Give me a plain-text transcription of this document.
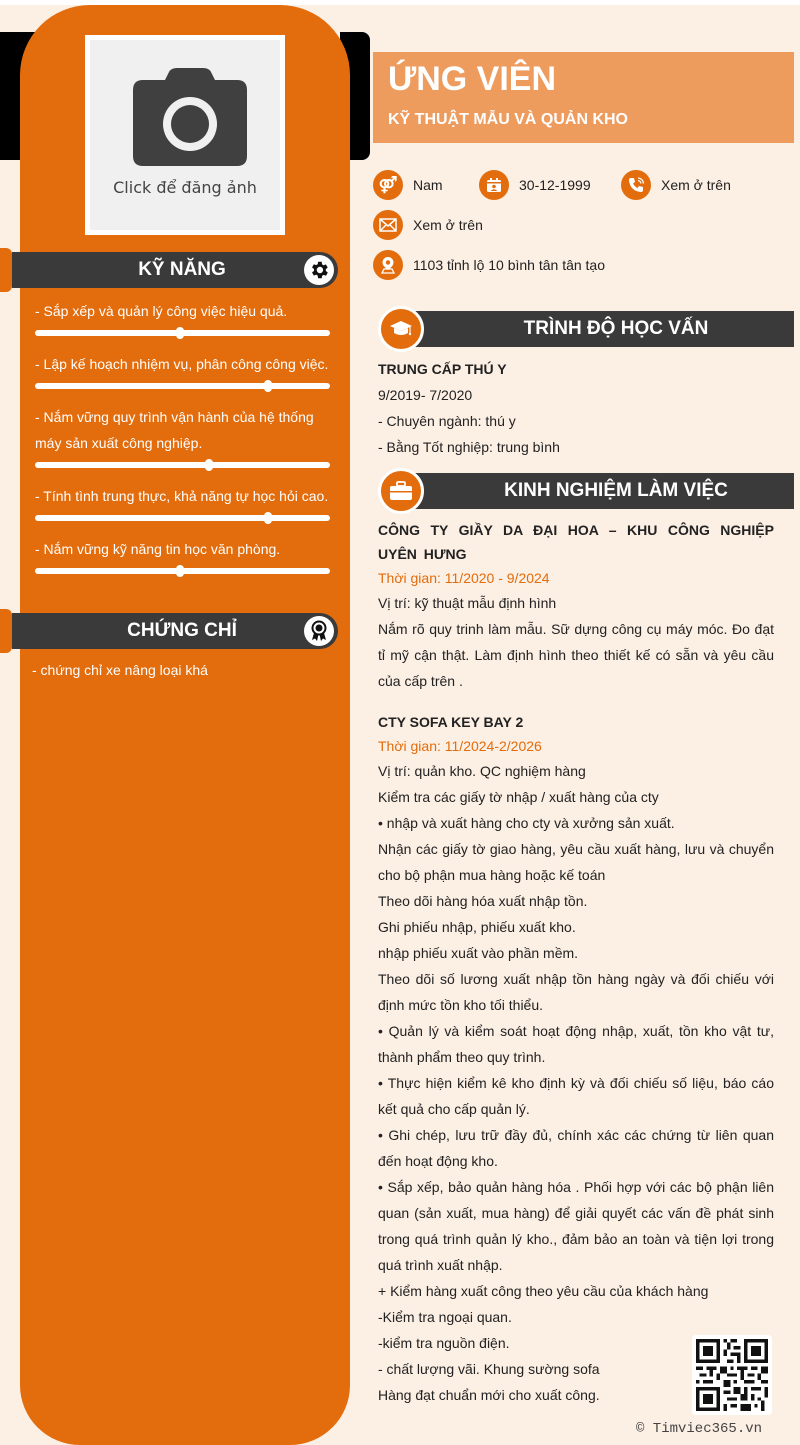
Click để đăng ảnh
KỸ NĂNG
- Sắp xếp và quản lý công việc hiệu quả.
- Lập kế hoạch nhiệm vụ, phân công công việc.
- Nắm vững quy trình vận hành của hệ thống máy sản xuất công nghiệp.
- Tính tình trung thực, khả năng tự học hỏi cao.
- Nắm vững kỹ năng tin học văn phòng.
CHỨNG CHỈ
- chứng chỉ xe nâng loại khá
ỨNG VIÊN
KỸ THUẬT MẪU VÀ QUẢN KHO
⚤ Nam	30-12-1999	Xem ở trên
Xem ở trên
1103 tỉnh lộ 10 bình tân tân tạo
TRÌNH ĐỘ HỌC VẤN
TRUNG CẤP THÚ Y
9/2019- 7/2020
- Chuyên ngành: thú y
- Bằng Tốt nghiệp: trung bình
KINH NGHIỆM LÀM VIỆC
CÔNG TY GIẦY DA ĐẠI HOA – KHU CÔNG NGHIỆP UYÊN HƯNG
Thời gian: 11/2020 - 9/2024
Vị trí: kỹ thuật mẫu định hình
Nắm rõ quy trinh làm mẫu. Sữ dựng công cụ máy móc. Đo đạt tỉ mỹ cận thật. Làm định hình theo thiết kế có sẵn và yêu cầu của cấp trên .
CTY SOFA KEY BAY 2
Thời gian: 11/2024-2/2026
Vị trí: quản kho. QC nghiệm hàng
Kiểm tra các giấy tờ nhập / xuất hàng của cty
• nhập và xuất hàng cho cty và xưởng sản xuất.
Nhận các giấy tờ giao hàng, yêu cầu xuất hàng, lưu và chuyển cho bộ phận mua hàng hoặc kế toán
Theo dõi hàng hóa xuất nhập tồn.
Ghi phiếu nhập, phiếu xuất kho.
nhập phiếu xuất vào phần mềm.
Theo dõi số lương xuất nhập tồn hàng ngày và đối chiếu với định mức tồn kho tối thiểu.
• Quản lý và kiểm soát hoạt động nhập, xuất, tồn kho vật tư, thành phẩm theo quy trình.
• Thực hiện kiểm kê kho định kỳ và đối chiếu số liệu, báo cáo kết quả cho cấp quản lý.
• Ghi chép, lưu trữ đầy đủ, chính xác các chứng từ liên quan đến hoạt động kho.
• Sắp xếp, bảo quản hàng hóa . Phối hợp với các bộ phận liên quan (sản xuất, mua hàng) để giải quyết các vấn đề phát sinh trong quá trình quản lý kho., đảm bảo an toàn và tiện lợi trong quá trình xuất nhập.
+ Kiểm hàng xuất công theo yêu cầu của khách hàng
-Kiểm tra ngoại quan.
-kiểm tra nguồn điện.
- chất lượng vãi. Khung sường sofa
Hàng đạt chuẩn mới cho xuất công.
© Timviec365.vn
